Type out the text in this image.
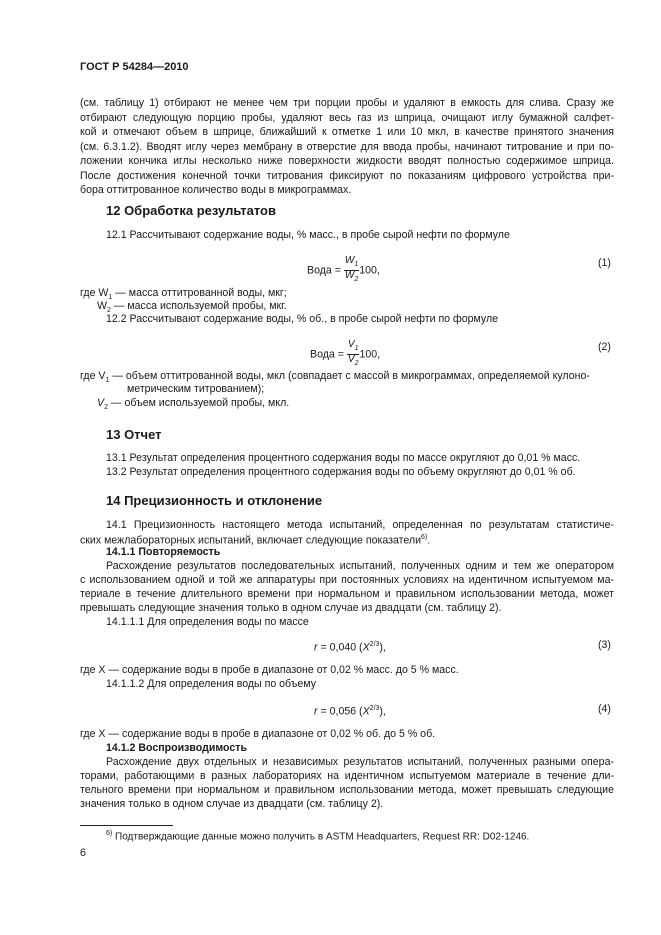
ГОСТ Р 54284—2010
(см. таблицу 1) отбирают не менее чем три порции пробы и удаляют в емкость для слива. Сразу же
отбирают следующую порцию пробы, удаляют весь газ из шприца, очищают иглу бумажной салфет-
кой и отмечают объем в шприце, ближайший к отметке 1 или 10 мкл, в качестве принятого значения
(см. 6.3.1.2). Вводят иглу через мембрану в отверстие для ввода пробы, начинают титрование и при по-
ложении кончика иглы несколько ниже поверхности жидкости вводят полностью содержимое шприца.
После достижения конечной точки титрования фиксируют по показаниям цифрового устройства при-
бора оттитрованное количество воды в микрограммах.
12 Обработка результатов
12.1 Рассчитывают содержание воды, % масс., в пробе сырой нефти по формуле
Вода = $\frac{W_1}{W_2} 100$,
(1)
где $W_1$ — масса оттитрованной воды, мкг;
$W_2$ — масса используемой пробы, мкг.
12.2 Рассчитывают содержание воды, % об., в пробе сырой нефти по формуле
Вода = $\frac{V_1}{V_2} 100$,
(2)
где $V_1$ — объем оттитрованной воды, мкл (совпадает с массой в микрограммах, определяемой кулоно-
метрическим титрованием);
$V_2$ — объем используемой пробы, мкл.
13 Отчет
13.1 Результат определения процентного содержания воды по массе округляют до 0,01 % масс.
13.2 Результат определения процентного содержания воды по объему округляют до 0,01 % об.
14 Прецизионность и отклонение
14.1 Прецизионность настоящего метода испытаний, определенная по результатам статистиче-
ских межлабораторных испытаний, включает следующие показатели$^{6)}$.
14.1.1 Повторяемость
Расхождение результатов последовательных испытаний, полученных одним и тем же оператором
с использованием одной и той же аппаратуры при постоянных условиях на идентичном испытуемом ма-
териале в течение длительного времени при нормальном и правильном использовании метода, может
превышать следующие значения только в одном случае из двадцати (см. таблицу 2).
14.1.1.1 Для определения воды по массе
r = 0,040 $(X^{2/3})$,	(3)
где X — содержание воды в пробе в диапазоне от 0,02 % масс. до 5 % масс.
14.1.1.2 Для определения воды по объему
r = 0,056 $(X^{2/3})$,	(4)
где X — содержание воды в пробе в диапазоне от 0,02 % об. до 5 % об.
14.1.2 Воспроизводимость
Расхождение двух отдельных и независимых результатов испытаний, полученных разными опера-
торами, работающими в разных лабораториях на идентичном испытуемом материале в течение дли-
тельного времени при нормальном и правильном использовании метода, может превышать следующие
значения только в одном случае из двадцати (см. таблицу 2).
$^{6)}$ Подтверждающие данные можно получить в ASTM Headquarters, Request RR: D02-1246.
6
